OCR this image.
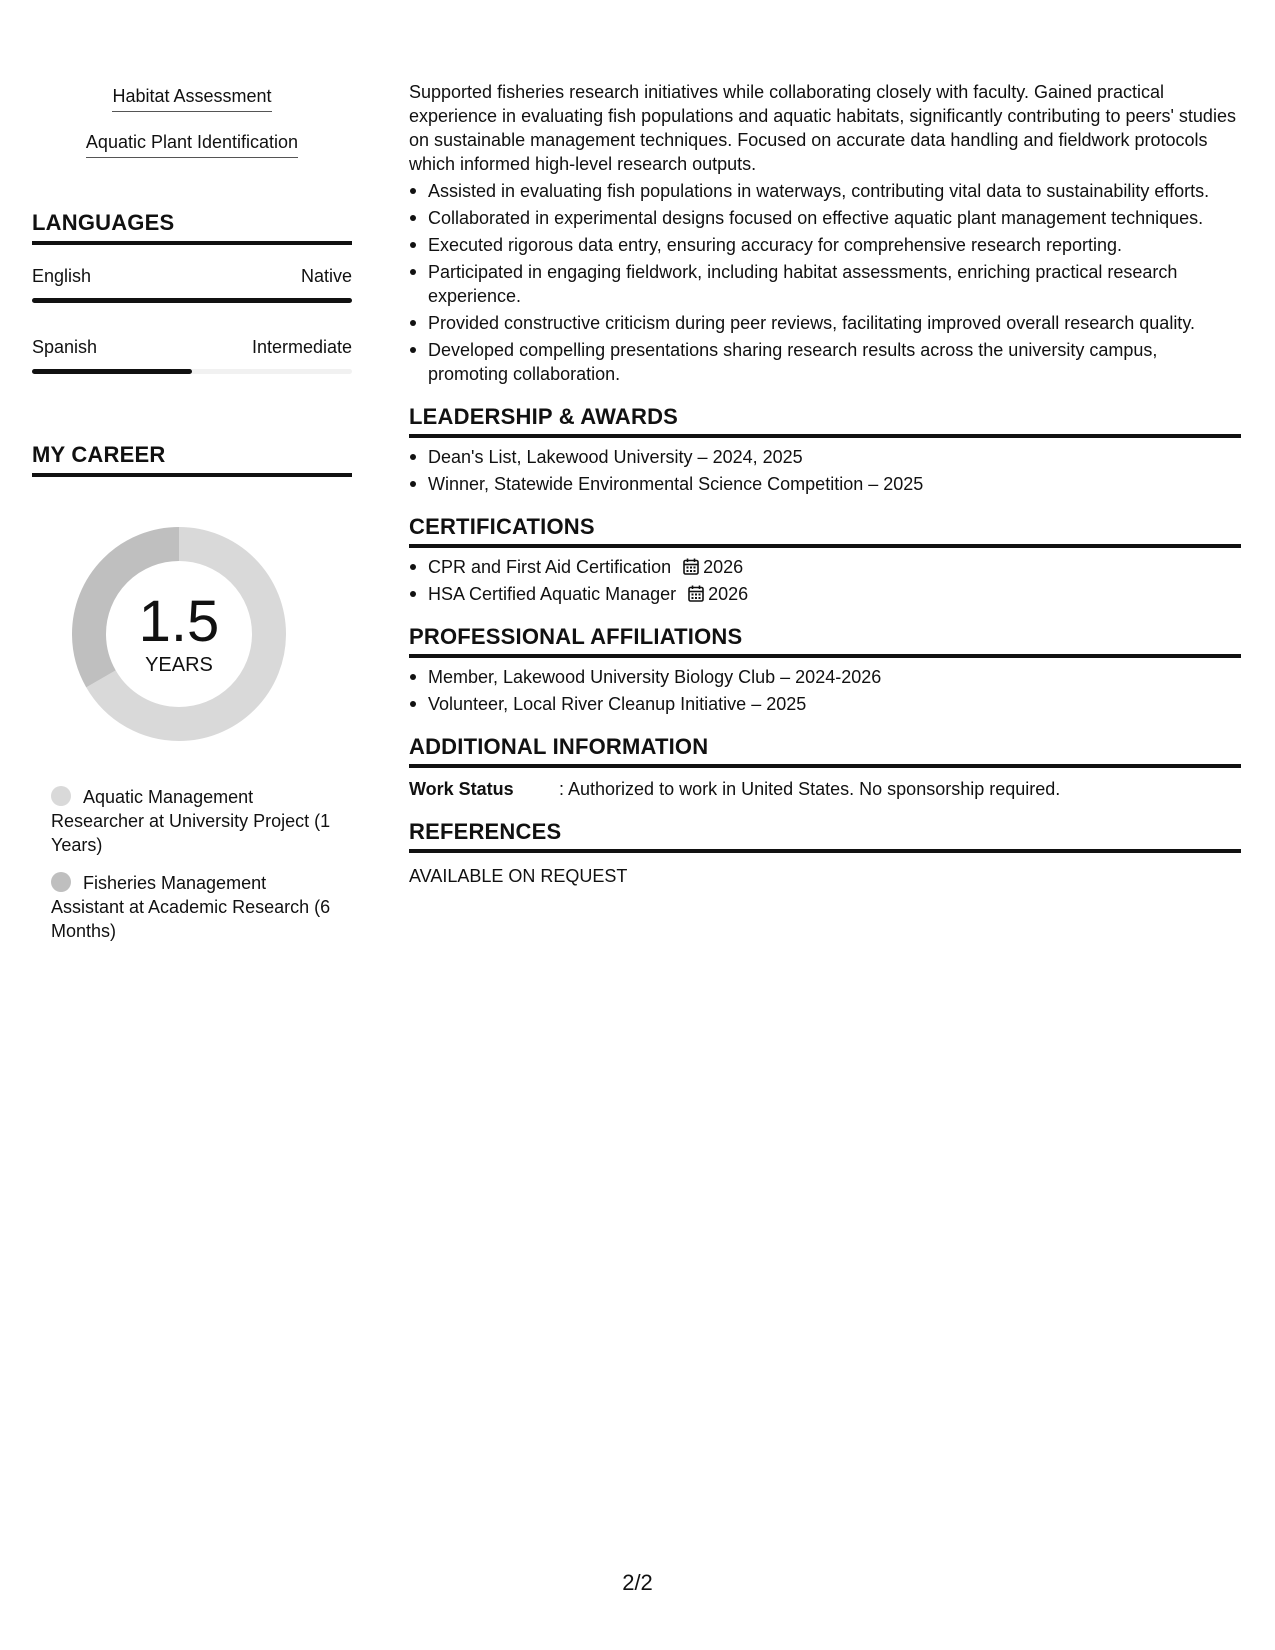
Habitat Assessment
Aquatic Plant Identification
LANGUAGES
English	Native
Spanish	Intermediate
MY CAREER
1.5
YEARS
Aquatic Management Researcher at University Project (1 Years)
Fisheries Management Assistant at Academic Research (6 Months)

Supported fisheries research initiatives while collaborating closely with faculty. Gained practical experience in evaluating fish populations and aquatic habitats, significantly contributing to peers' studies on sustainable management techniques. Focused on accurate data handling and fieldwork protocols which informed high-level research outputs.

Assisted in evaluating fish populations in waterways, contributing vital data to sustainability efforts.
Collaborated in experimental designs focused on effective aquatic plant management techniques.
Executed rigorous data entry, ensuring accuracy for comprehensive research reporting.
Participated in engaging fieldwork, including habitat assessments, enriching practical research experience.
Provided constructive criticism during peer reviews, facilitating improved overall research quality.
Developed compelling presentations sharing research results across the university campus, promoting collaboration.
LEADERSHIP & AWARDS
Dean's List, Lakewood University – 2024, 2025
Winner, Statewide Environmental Science Competition – 2025
CERTIFICATIONS
CPR and First Aid Certification 2026
HSA Certified Aquatic Manager 2026
PROFESSIONAL AFFILIATIONS
Member, Lakewood University Biology Club – 2024-2026
Volunteer, Local River Cleanup Initiative – 2025
ADDITIONAL INFORMATION
Work Status	: Authorized to work in United States. No sponsorship required.
REFERENCES
AVAILABLE ON REQUEST
2/2
